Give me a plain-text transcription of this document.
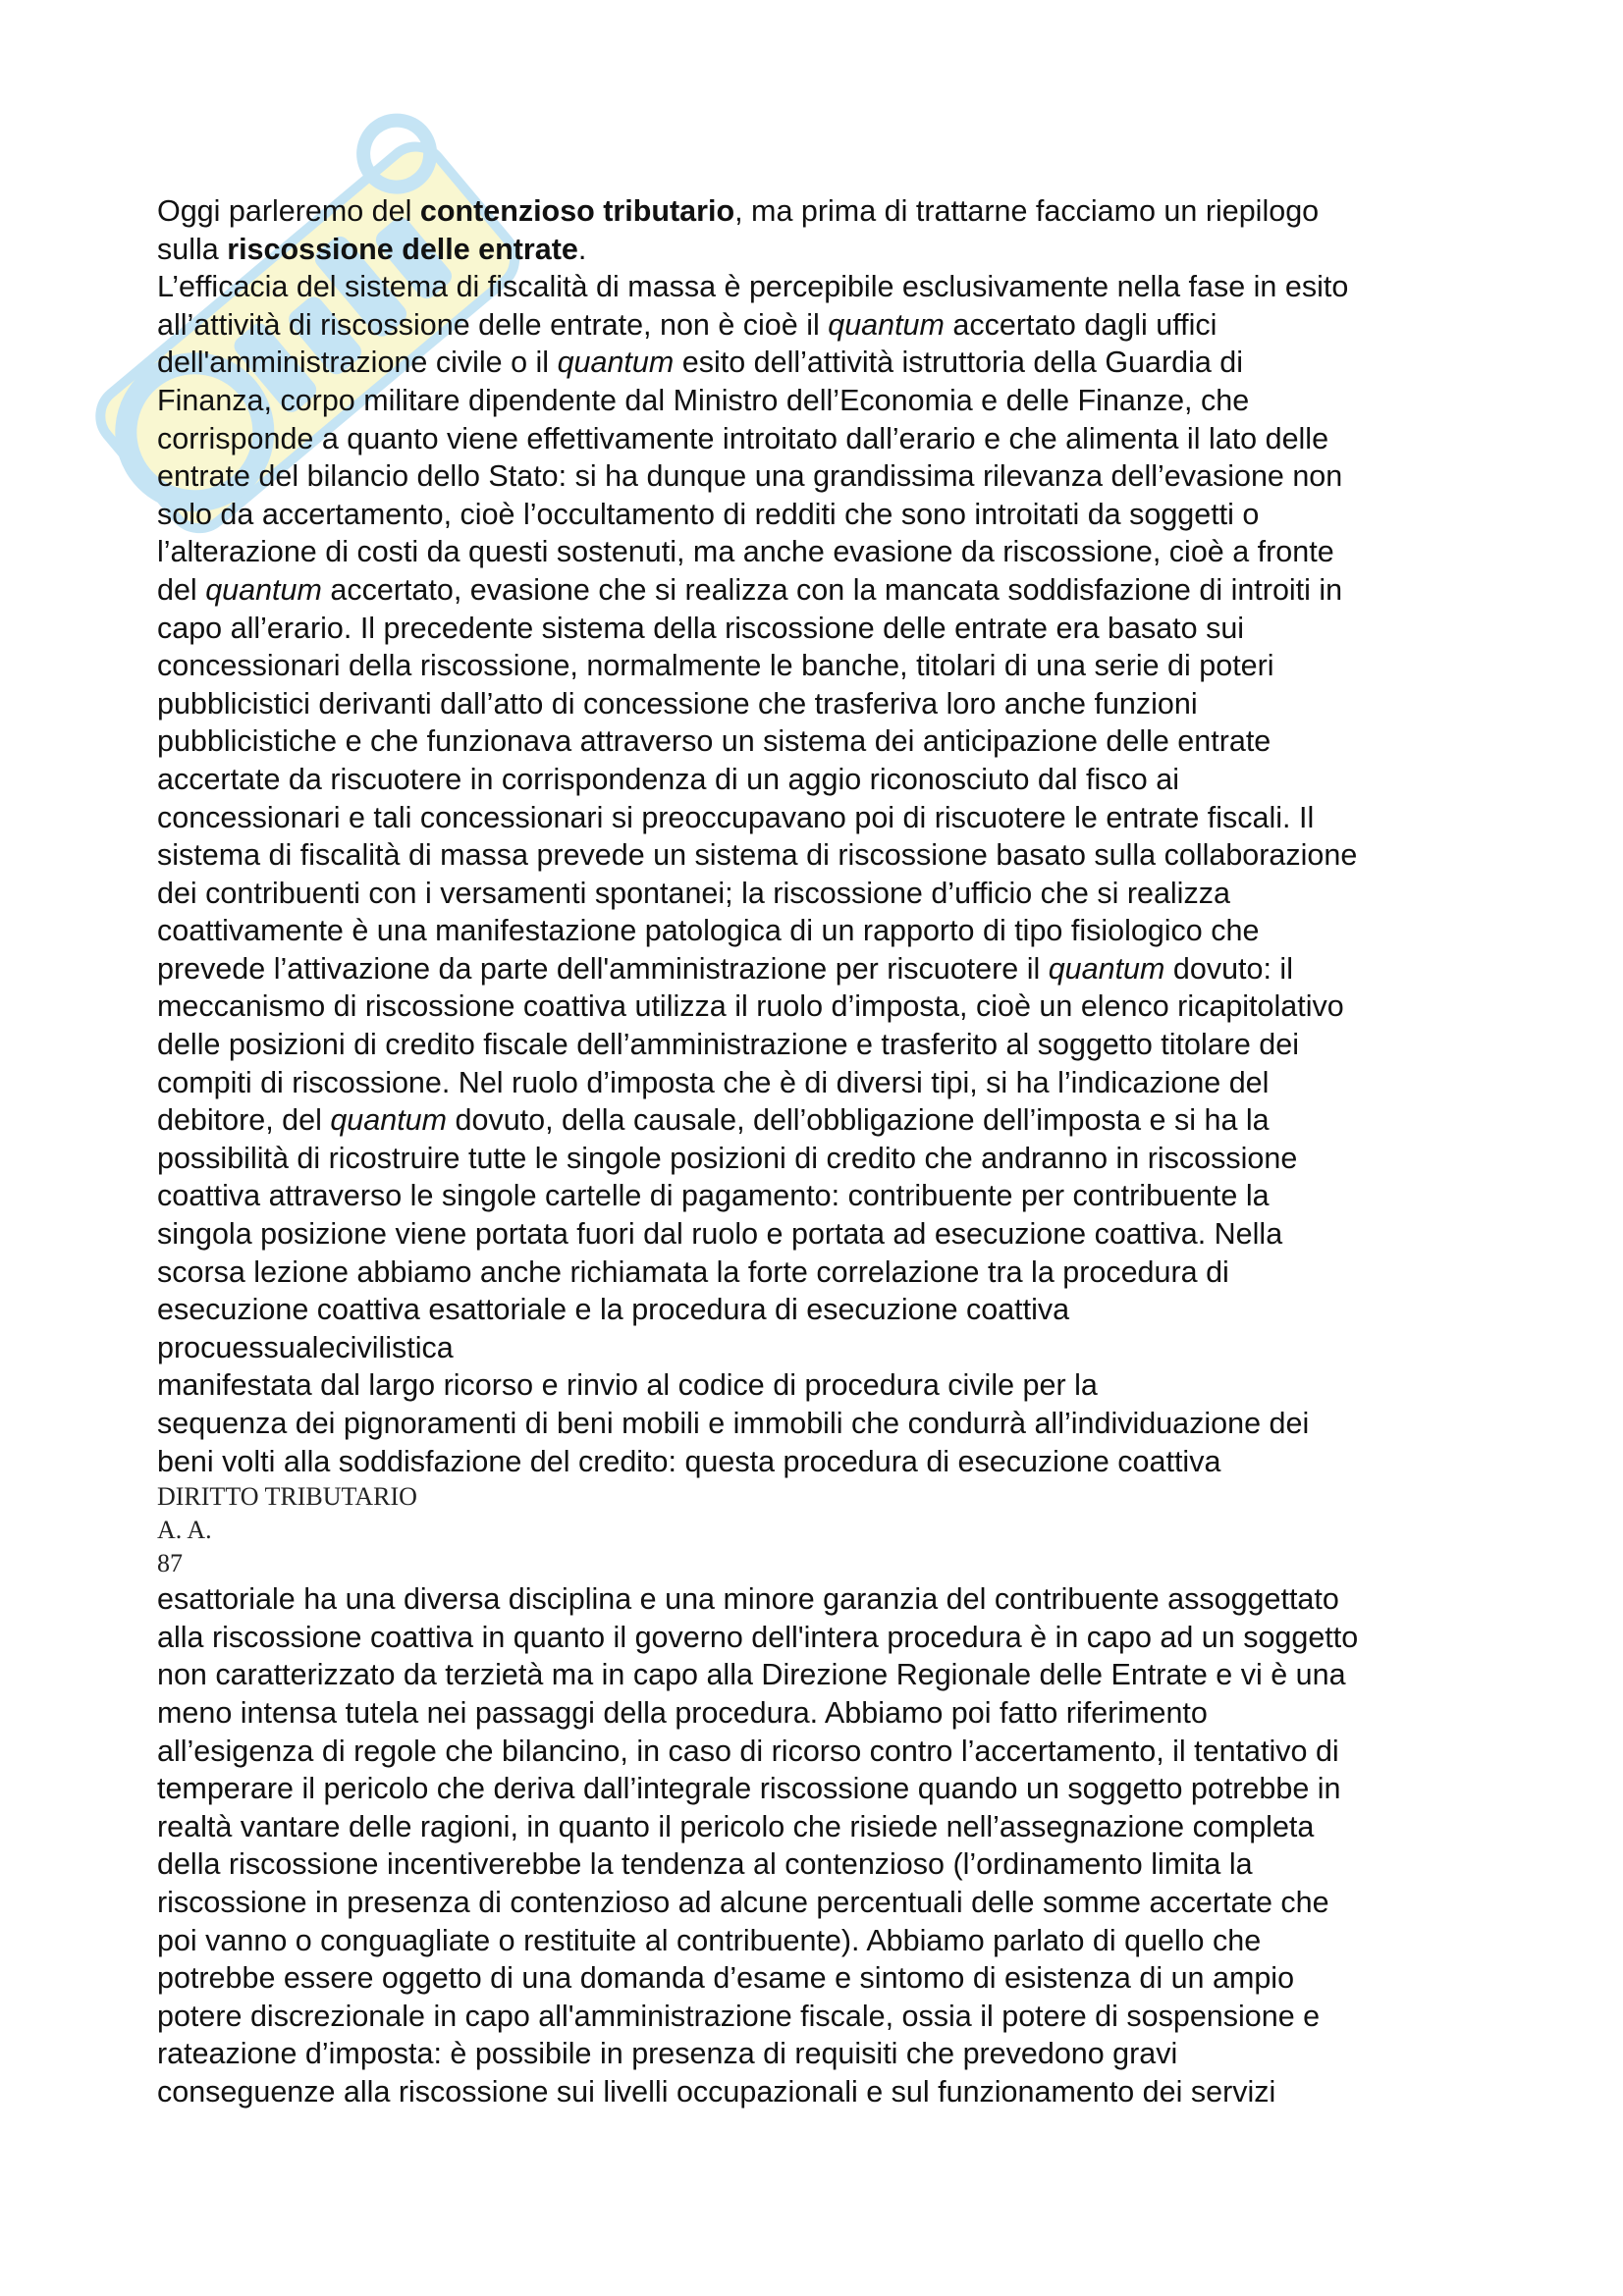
Oggi parleremo del contenzioso tributario, ma prima di trattarne facciamo un riepilogo

sulla riscossione delle entrate.

L’efficacia del sistema di fiscalità di massa è percepibile esclusivamente nella fase in esito

all’attività di riscossione delle entrate, non è cioè il quantum accertato dagli uffici

dell'amministrazione civile o il quantum esito dell’attività istruttoria della Guardia di

Finanza, corpo militare dipendente dal Ministro dell’Economia e delle Finanze, che

corrisponde a quanto viene effettivamente introitato dall’erario e che alimenta il lato delle

entrate del bilancio dello Stato: si ha dunque una grandissima rilevanza dell’evasione non

solo da accertamento, cioè l’occultamento di redditi che sono introitati da soggetti o

l’alterazione di costi da questi sostenuti, ma anche evasione da riscossione, cioè a fronte

del quantum accertato, evasione che si realizza con la mancata soddisfazione di introiti in

capo all’erario. Il precedente sistema della riscossione delle entrate era basato sui

concessionari della riscossione, normalmente le banche, titolari di una serie di poteri

pubblicistici derivanti dall’atto di concessione che trasferiva loro anche funzioni

pubblicistiche e che funzionava attraverso un sistema dei anticipazione delle entrate

accertate da riscuotere in corrispondenza di un aggio riconosciuto dal fisco ai

concessionari e tali concessionari si preoccupavano poi di riscuotere le entrate fiscali. Il

sistema di fiscalità di massa prevede un sistema di riscossione basato sulla collaborazione

dei contribuenti con i versamenti spontanei; la riscossione d’ufficio che si realizza

coattivamente è una manifestazione patologica di un rapporto di tipo fisiologico che

prevede l’attivazione da parte dell'amministrazione per riscuotere il quantum dovuto: il

meccanismo di riscossione coattiva utilizza il ruolo d’imposta, cioè un elenco ricapitolativo

delle posizioni di credito fiscale dell’amministrazione e trasferito al soggetto titolare dei

compiti di riscossione. Nel ruolo d’imposta che è di diversi tipi, si ha l’indicazione del

debitore, del quantum dovuto, della causale, dell’obbligazione dell’imposta e si ha la

possibilità di ricostruire tutte le singole posizioni di credito che andranno in riscossione

coattiva attraverso le singole cartelle di pagamento: contribuente per contribuente la

singola posizione viene portata fuori dal ruolo e portata ad esecuzione coattiva. Nella

scorsa lezione abbiamo anche richiamata la forte correlazione tra la procedura di

esecuzione coattiva esattoriale e la procedura di esecuzione coattiva

procuessualecivilistica

manifestata dal largo ricorso e rinvio al codice di procedura civile per la

sequenza dei pignoramenti di beni mobili e immobili che condurrà all’individuazione dei

beni volti alla soddisfazione del credito: questa procedura di esecuzione coattiva

DIRITTO TRIBUTARIO

A. A.

87

esattoriale ha una diversa disciplina e una minore garanzia del contribuente assoggettato

alla riscossione coattiva in quanto il governo dell'intera procedura è in capo ad un soggetto

non caratterizzato da terzietà ma in capo alla Direzione Regionale delle Entrate e vi è una

meno intensa tutela nei passaggi della procedura. Abbiamo poi fatto riferimento

all’esigenza di regole che bilancino, in caso di ricorso contro l’accertamento, il tentativo di

temperare il pericolo che deriva dall’integrale riscossione quando un soggetto potrebbe in

realtà vantare delle ragioni, in quanto il pericolo che risiede nell’assegnazione completa

della riscossione incentiverebbe la tendenza al contenzioso (l’ordinamento limita la

riscossione in presenza di contenzioso ad alcune percentuali delle somme accertate che

poi vanno o conguagliate o restituite al contribuente). Abbiamo parlato di quello che

potrebbe essere oggetto di una domanda d’esame e sintomo di esistenza di un ampio

potere discrezionale in capo all'amministrazione fiscale, ossia il potere di sospensione e

rateazione d’imposta: è possibile in presenza di requisiti che prevedono gravi

conseguenze alla riscossione sui livelli occupazionali e sul funzionamento dei servizi
